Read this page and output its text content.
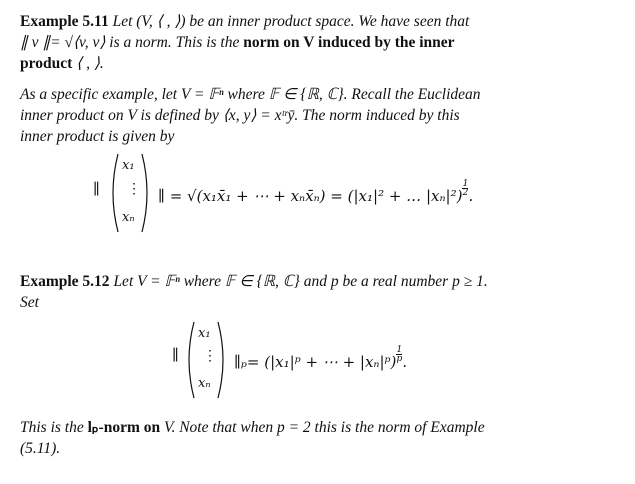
Example 5.11 Let (V, ⟨ , ⟩) be an inner product space. We have seen that
∥ v ∥= √⟨v, v⟩ is a norm. This is the norm on V induced by the inner
product ⟨ , ⟩.
As a specific example, let V = 𝔽ⁿ where 𝔽 ∈ {ℝ, ℂ}. Recall the Euclidean
inner product on V is defined by ⟨x, y⟩ = xᵗʳȳ. The norm induced by this
inner product is given by
∥
x₁
⋮
xₙ
∥ = √(x₁x̄₁ + ⋯ + xₙx̄ₙ) = (|x₁|² + … $|x_n|^2) \frac{1}{2}$ .
Example 5.12 Let V = 𝔽ⁿ where 𝔽 ∈ {ℝ, ℂ} and p be a real number p ≥ 1.
Set
∥
x₁
⋮
xₙ
∥ₚ= (|x₁|ᵖ + ⋯ + |xₙ|ᵖ) $\frac{1}{p}$ .
This is the lₚ-norm on V. Note that when p = 2 this is the norm of Example
(5.11).
